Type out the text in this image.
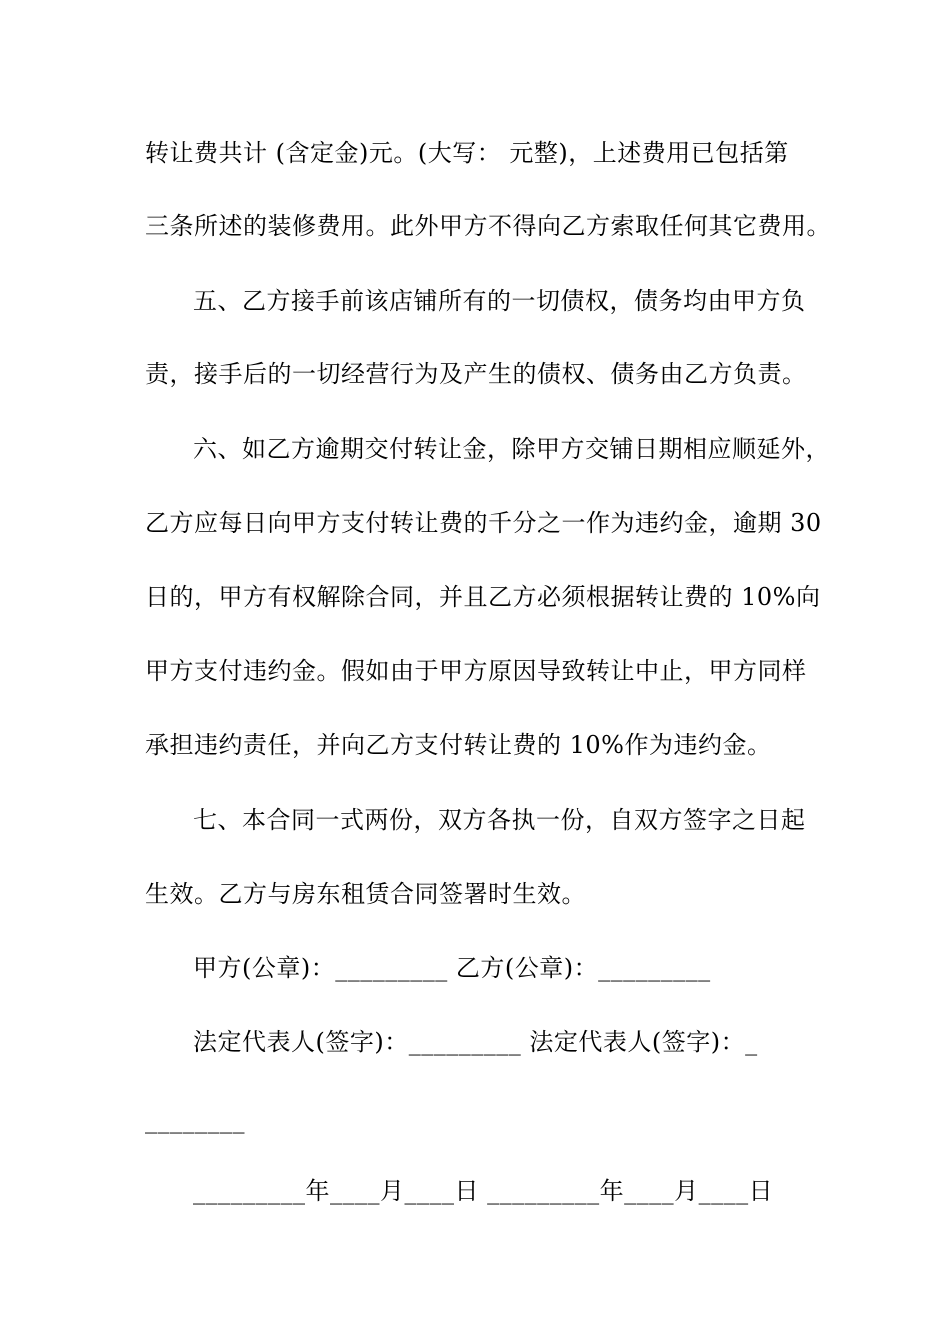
转让费共计 (含定金)元。(大写： 元整)，上述费用已包括第
三条所述的装修费用。此外甲方不得向乙方索取任何其它费用。
五、乙方接手前该店铺所有的一切债权，债务均由甲方负
责，接手后的一切经营行为及产生的债权、债务由乙方负责。
六、如乙方逾期交付转让金，除甲方交铺日期相应顺延外，
乙方应每日向甲方支付转让费的千分之一作为违约金，逾期 30
日的，甲方有权解除合同，并且乙方必须根据转让费的 10%向
甲方支付违约金。假如由于甲方原因导致转让中止，甲方同样
承担违约责任，并向乙方支付转让费的 10%作为违约金。
七、本合同一式两份，双方各执一份，自双方签字之日起
生效。乙方与房东租赁合同签署时生效。
甲方(公章)：_________ 乙方(公章)：_________
法定代表人(签字)：_________ 法定代表人(签字)：_
________
_________年____月____日 _________年____月____日
